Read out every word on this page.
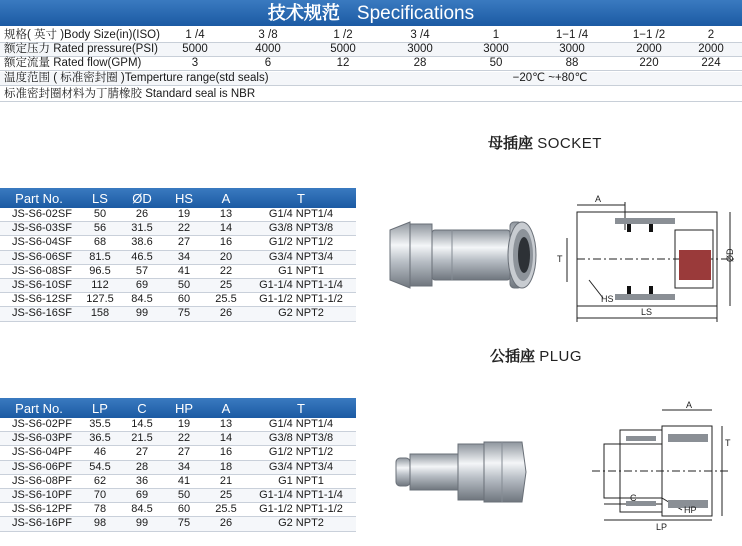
技术规范 Specifications
规格( 英寸 )Body Size(in)(ISO)	1 /4	3 /8	1 /2	3 /4	1	1−1 /4	1−1 /2	2
额定压力 Rated pressure(PSI)	5000	4000	5000	3000	3000	3000	2000	2000
额定流量 Rated flow(GPM)	3	6	12	28	50	88	220	224
温度范围 ( 标准密封圈 )Temperture range(std seals)	−20℃ ~+80℃
标准密封圈材料为丁腈橡胶 Standard seal is NBR
母插座 SOCKET
Part No.	LS	ØD	HS	A	T
JS-S6-02SF	50	26	19	13	G1/4 NPT1/4
JS-S6-03SF	56	31.5	22	14	G3/8 NPT3/8
JS-S6-04SF	68	38.6	27	16	G1/2 NPT1/2
JS-S6-06SF	81.5	46.5	34	20	G3/4 NPT3/4
JS-S6-08SF	96.5	57	41	22	G1 NPT1
JS-S6-10SF	112	69	50	25	G1-1/4 NPT1-1/4
JS-S6-12SF	127.5	84.5	60	25.5	G1-1/2 NPT1-1/2
JS-S6-16SF	158	99	75	26	G2 NPT2
A
T	ØD
HS
LS
公插座 PLUG
Part No.	LP	C	HP	A	T
JS-S6-02PF	35.5	14.5	19	13	G1/4 NPT1/4
JS-S6-03PF	36.5	21.5	22	14	G3/8 NPT3/8
JS-S6-04PF	46	27	27	16	G1/2 NPT1/2
JS-S6-06PF	54.5	28	34	18	G3/4 NPT3/4
JS-S6-08PF	62	36	41	21	G1 NPT1
JS-S6-10PF	70	69	50	25	G1-1/4 NPT1-1/4
JS-S6-12PF	78	84.5	60	25.5	G1-1/2 NPT1-1/2
JS-S6-16PF	98	99	75	26	G2 NPT2
A
T
C
HP
LP
